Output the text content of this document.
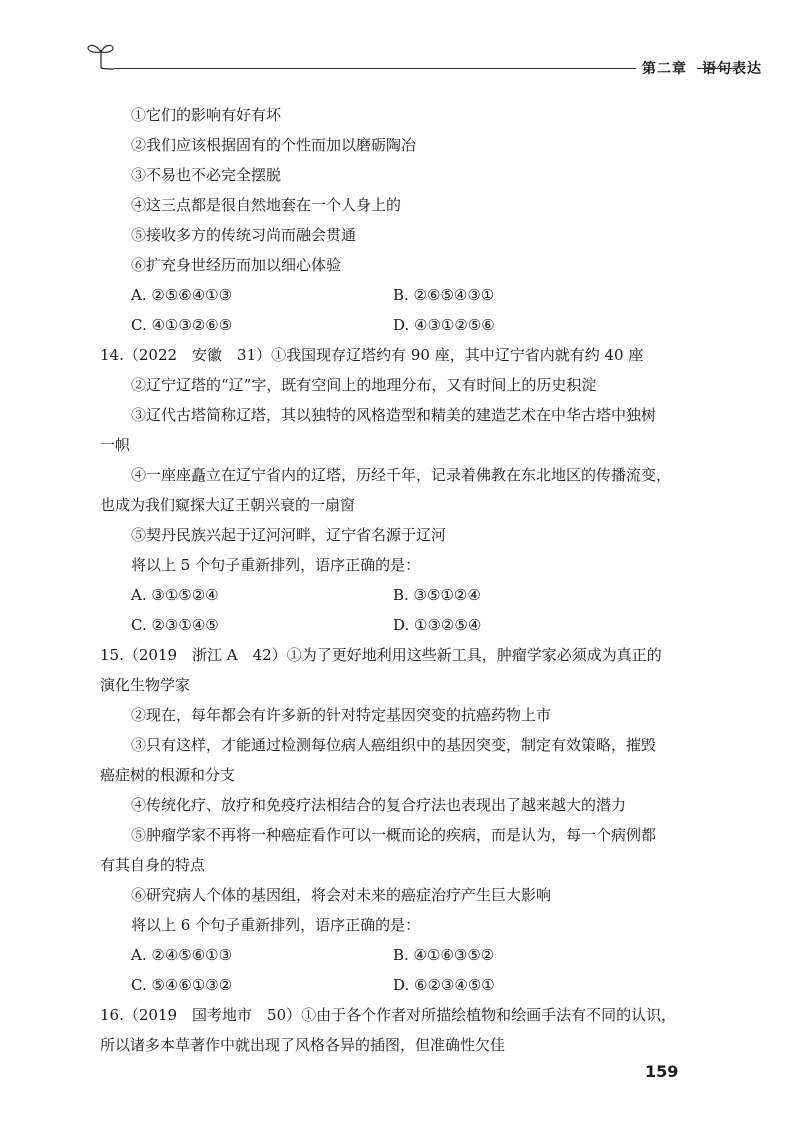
第二章　语句表达
①它们的影响有好有坏
②我们应该根据固有的个性而加以磨砺陶冶
③不易也不必完全摆脱
④这三点都是很自然地套在一个人身上的
⑤接收多方的传统习尚而融会贯通
⑥扩充身世经历而加以细心体验
A. ②⑤⑥④①③	B. ②⑥⑤④③①
C. ④①③②⑥⑤	D. ④③①②⑤⑥
14.（2022　安徽　31）①我国现存辽塔约有 90 座，其中辽宁省内就有约 40 座
②辽宁辽塔的“辽”字，既有空间上的地理分布，又有时间上的历史积淀
③辽代古塔简称辽塔，其以独特的风格造型和精美的建造艺术在中华古塔中独树
一帜
④一座座矗立在辽宁省内的辽塔，历经千年，记录着佛教在东北地区的传播流变，
也成为我们窥探大辽王朝兴衰的一扇窗
⑤契丹民族兴起于辽河河畔，辽宁省名源于辽河
将以上 5 个句子重新排列，语序正确的是：
A. ③①⑤②④	B. ③⑤①②④
C. ②③①④⑤	D. ①③②⑤④
15.（2019　浙江 A　42）①为了更好地利用这些新工具，肿瘤学家必须成为真正的
演化生物学家
②现在，每年都会有许多新的针对特定基因突变的抗癌药物上市
③只有这样，才能通过检测每位病人癌组织中的基因突变，制定有效策略，摧毁
癌症树的根源和分支
④传统化疗、放疗和免疫疗法相结合的复合疗法也表现出了越来越大的潜力
⑤肿瘤学家不再将一种癌症看作可以一概而论的疾病，而是认为，每一个病例都
有其自身的特点
⑥研究病人个体的基因组，将会对未来的癌症治疗产生巨大影响
将以上 6 个句子重新排列，语序正确的是：
A. ②④⑤⑥①③	B. ④①⑥③⑤②
C. ⑤④⑥①③②	D. ⑥②③④⑤①
16.（2019　国考地市　50）①由于各个作者对所描绘植物和绘画手法有不同的认识，
所以诸多本草著作中就出现了风格各异的插图，但准确性欠佳
159
